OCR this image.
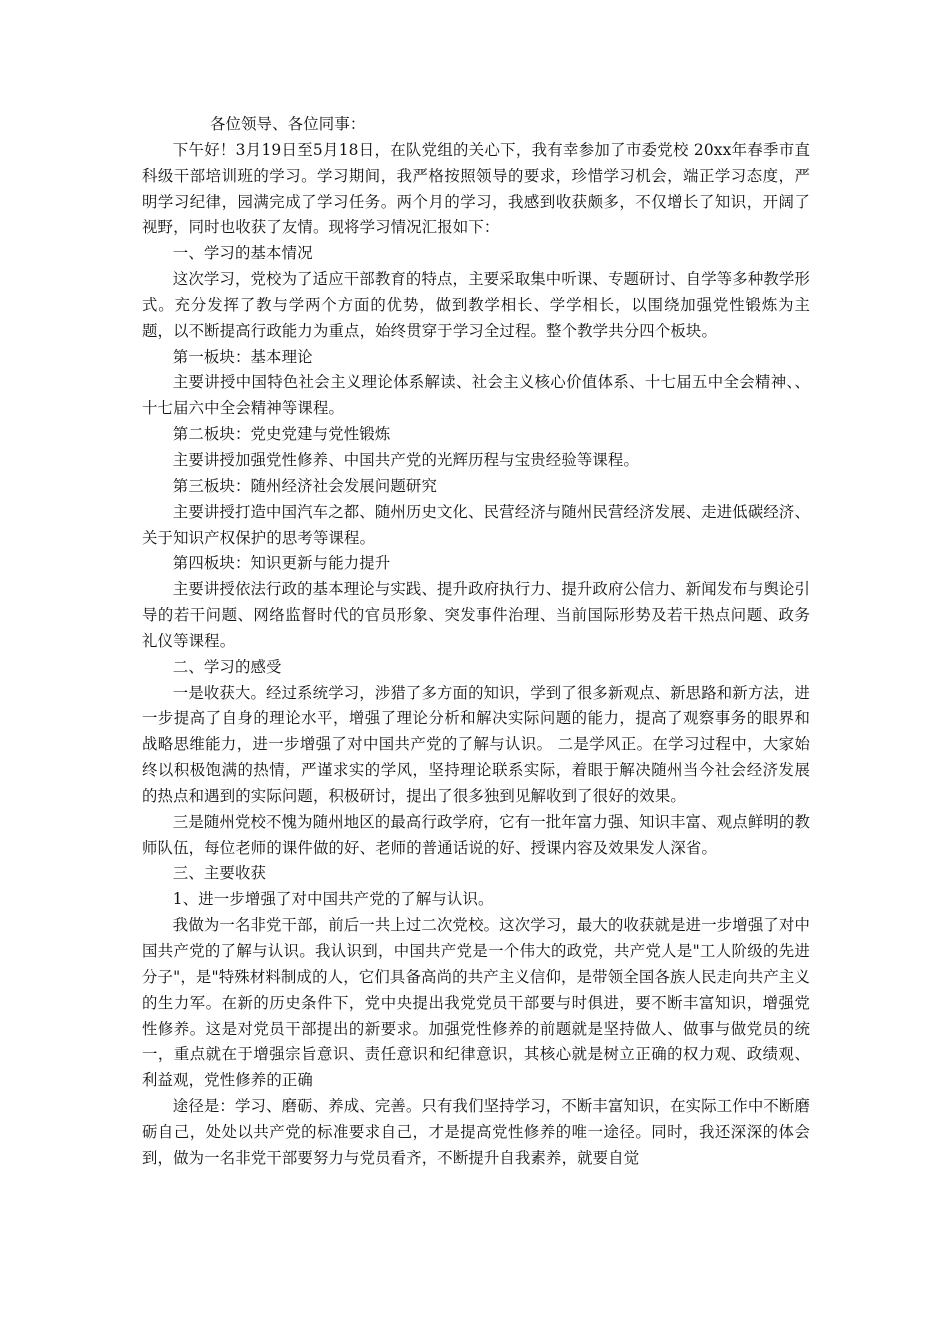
各位领导、各位同事：

下午好！3月19日至5月18日，在队党组的关心下，我有幸参加了市委党校 20xx年春季市直科级干部培训班的学习。学习期间，我严格按照领导的要求，珍惜学习机会，端正学习态度，严明学习纪律，园满完成了学习任务。两个月的学习，我感到收获颇多，不仅增长了知识，开阔了视野，同时也收获了友情。现将学习情况汇报如下：

一、学习的基本情况

这次学习，党校为了适应干部教育的特点，主要采取集中听课、专题研讨、自学等多种教学形式。充分发挥了教与学两个方面的优势，做到教学相长、学学相长，以围绕加强党性锻炼为主题，以不断提高行政能力为重点，始终贯穿于学习全过程。整个教学共分四个板块。

第一板块：基本理论

主要讲授中国特色社会主义理论体系解读、社会主义核心价值体系、十七届五中全会精神、、十七届六中全会精神等课程。

第二板块：党史党建与党性锻炼

主要讲授加强党性修养、中国共产党的光辉历程与宝贵经验等课程。

第三板块：随州经济社会发展问题研究

主要讲授打造中国汽车之都、随州历史文化、民营经济与随州民营经济发展、走进低碳经济、关于知识产权保护的思考等课程。

第四板块：知识更新与能力提升

主要讲授依法行政的基本理论与实践、提升政府执行力、提升政府公信力、新闻发布与舆论引导的若干问题、网络监督时代的官员形象、突发事件治理、当前国际形势及若干热点问题、政务礼仪等课程。

二、学习的感受

一是收获大。经过系统学习，涉猎了多方面的知识，学到了很多新观点、新思路和新方法，进一步提高了自身的理论水平，增强了理论分析和解决实际问题的能力，提高了观察事务的眼界和战略思维能力，进一步增强了对中国共产党的了解与认识。 二是学风正。在学习过程中，大家始终以积极饱满的热情，严谨求实的学风，坚持理论联系实际，着眼于解决随州当今社会经济发展的热点和遇到的实际问题，积极研讨，提出了很多独到见解收到了很好的效果。

三是随州党校不愧为随州地区的最高行政学府，它有一批年富力强、知识丰富、观点鲜明的教师队伍，每位老师的课件做的好、老师的普通话说的好、授课内容及效果发人深省。

三、主要收获

1、进一步增强了对中国共产党的了解与认识。

我做为一名非党干部，前后一共上过二次党校。这次学习，最大的收获就是进一步增强了对中国共产党的了解与认识。我认识到，中国共产党是一个伟大的政党，共产党人是"工人阶级的先进分子"，是"特殊材料制成的人，它们具备高尚的共产主义信仰，是带领全国各族人民走向共产主义的生力军。在新的历史条件下，党中央提出我党党员干部要与时俱进，要不断丰富知识，增强党性修养。这是对党员干部提出的新要求。加强党性修养的前题就是坚持做人、做事与做党员的统一，重点就在于增强宗旨意识、责任意识和纪律意识，其核心就是树立正确的权力观、政绩观、利益观，党性修养的正确

途径是：学习、磨砺、养成、完善。只有我们坚持学习，不断丰富知识，在实际工作中不断磨砺自己，处处以共产党的标准要求自己，才是提高党性修养的唯一途径。同时，我还深深的体会到，做为一名非党干部要努力与党员看齐，不断提升自我素养，就要自觉
